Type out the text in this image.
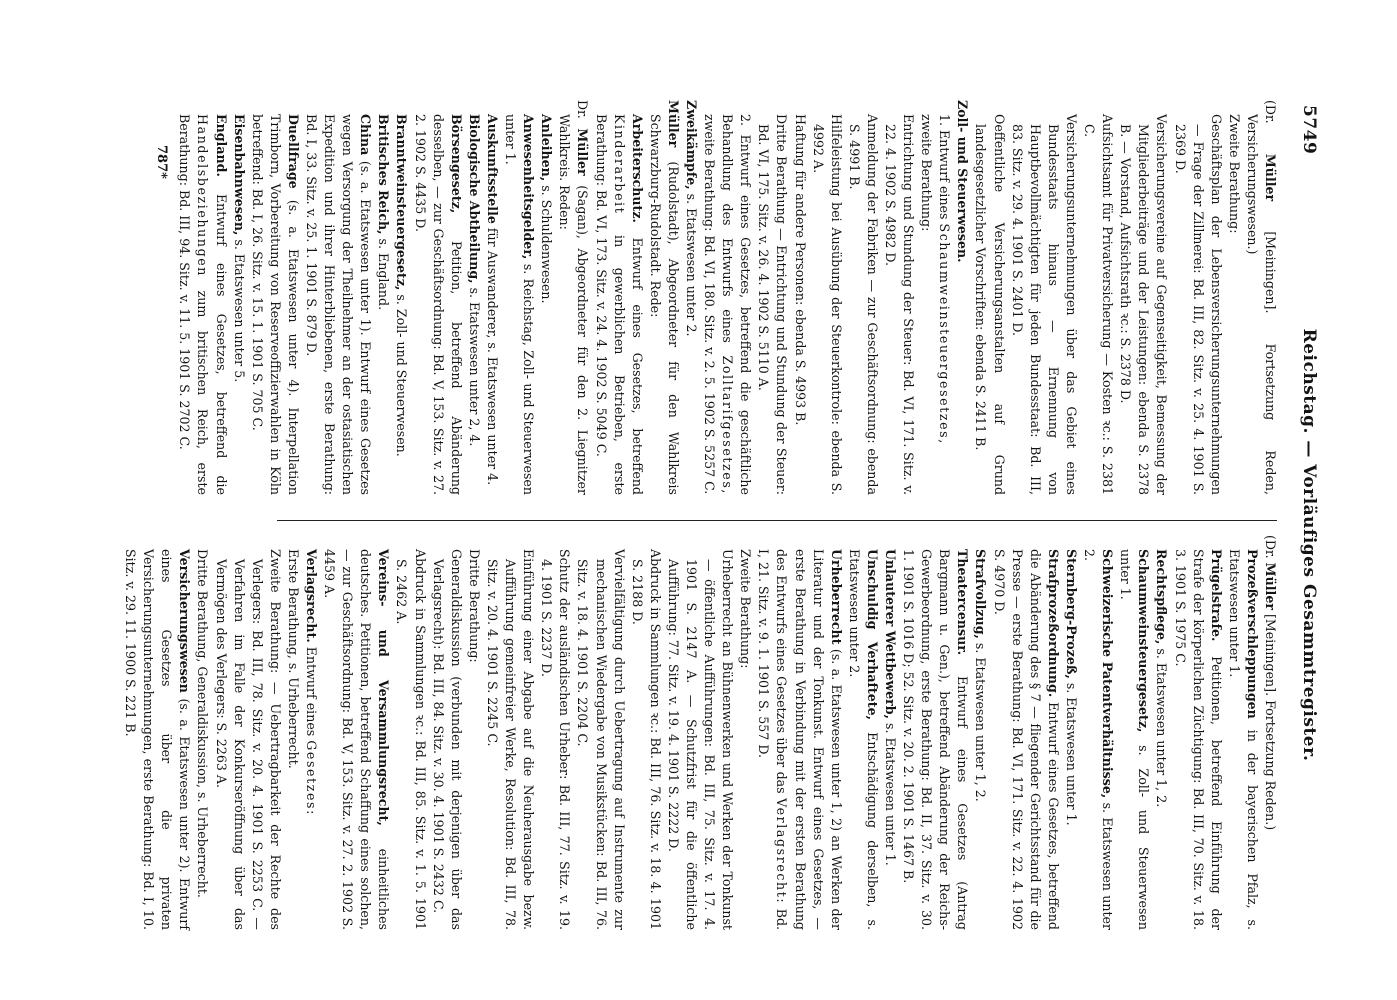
5749
Reichstag. — Vorläufiges Gesammtregister.

(Dr. Müller [Meiningen]. Fortsetzung Reden, Versicherungswesen.)

Zweite Berathung:

Geschäftsplan der Lebensversicherungsunternehmungen — Frage der Zillmerei: Bd. III, 82. Sitz. v. 25. 4. 1901 S. 2369 D.

Versicherungsvereine auf Gegenseitigkeit, Bemessung der Mitgliederbeiträge und der Leistungen: ebenda S. 2378 B. — Vorstand, Aufsichtsrath ꝛc.: S. 2378 D.

Aufsichtsamt für Privatversicherung — Kosten ꝛc.: S. 2381 C.

Versicherungsunternehmungen über das Gebiet eines Bundesstaats hinaus — Ernennung von Hauptbevollmächtigten für jeden Bundesstaat: Bd. III, 83. Sitz. v. 29. 4. 1901 S. 2401 D.

Oeffentliche Versicherungsanstalten auf Grund landesgesetzlicher Vorschriften: ebenda S. 2411 B.

Zoll- und Steuerwesen.

1. Entwurf eines Schaumweinsteuergesetzes,

zweite Berathung:

Entrichtung und Stundung der Steuer: Bd. VI, 171. Sitz. v. 22. 4. 1902 S. 4982 D.

Anmeldung der Fabriken — zur Geschäftsordnung: ebenda S. 4991 B.

Hilfeleistung bei Ausübung der Steuerkontrole: ebenda S. 4992 A.

Haftung für andere Personen: ebenda S. 4993 B.

Dritte Berathung — Entrichtung und Stundung der Steuer: Bd. VI, 175. Sitz. v. 26. 4. 1902 S. 5110 A.

2. Entwurf eines Gesetzes, betreffend die geschäftliche Behandlung des Entwurfs eines Zolltarifgesetzes, zweite Berathung: Bd. VI, 180. Sitz. v. 2. 5. 1902 S. 5257 C.

Zweikämpfe, s. Etatswesen unter 2.

Müller (Rudolstadt), Abgeordneter für den Wahlkreis Schwarzburg-Rudolstadt. Rede:

Arbeiterschutz. Entwurf eines Gesetzes, betreffend Kinderarbeit in gewerblichen Betrieben, erste Berathung: Bd. VI, 173. Sitz. v. 24. 4. 1902 S. 5049 C.

Dr. Müller (Sagan), Abgeordneter für den 2. Liegnitzer Wahlkreis. Reden:

Anleihen, s. Schuldenwesen.

Anwesenheitsgelder, s. Reichstag, Zoll- und Steuerwesen unter 1.

Auskunftsstelle für Auswanderer, s. Etatswesen unter 4.

Biologische Abtheilung, s. Etatswesen unter 2, 4.

Börsengesetz, Petition, betreffend Abänderung desselben, — zur Geschäftsordnung: Bd. V, 153. Sitz. v. 27. 2. 1902 S. 4435 D.

Branntweinsteuergesetz, s. Zoll- und Steuerwesen.

Britisches Reich, s. England.

China (s. a. Etatswesen unter 1). Entwurf eines Gesetzes wegen Versorgung der Theilnehmer an der ostasiatischen Expedition und ihrer Hinterbliebenen, erste Berathung: Bd. I, 33. Sitz. v. 25. 1. 1901 S. 879 D.

Duellfrage (s. a. Etatswesen unter 4). Interpellation Trimborn, Vorbereitung von Reserveoffizierwahlen in Köln betreffend: Bd. I, 26. Sitz. v. 15. 1. 1901 S. 705 C.

Eisenbahnwesen, s. Etatswesen unter 5.

England. Entwurf eines Gesetzes, betreffend die Handelsbeziehungen zum britischen Reich, erste Berathung: Bd. III, 94. Sitz. v. 11. 5. 1901 S. 2702 C.

(Dr. Müller [Meiningen]. Fortsetzung Reden.)

Prozeßverschleppungen in der bayerischen Pfalz, s. Etatswesen unter 1.

Prügelstrafe. Petitionen, betreffend Einführung der Strafe der körperlichen Züchtigung: Bd. III, 70. Sitz. v. 18. 3. 1901 S. 1975 C.

Rechtspflege, s. Etatswesen unter 1, 2.

Schaumweinsteuergesetz, s. Zoll- und Steuerwesen unter 1.

Schweizerische Patentverhältnisse, s. Etatswesen unter 2.

Sternberg-Prozeß, s. Etatswesen unter 1.

Strafprozeßordnung. Entwurf eines Gesetzes, betreffend die Abänderung des § 7 — fliegender Gerichtsstand für die Presse — erste Berathung: Bd. VI, 171. Sitz. v. 22. 4. 1902 S. 4970 D.

Strafvollzug, s. Etatswesen unter 1, 2.

Theatercensur. Entwurf eines Gesetzes (Antrag Bargmann u. Gen.), betreffend Abänderung der Reichs-Gewerbeordnung, erste Berathung: Bd. II, 37. Sitz. v. 30. 1. 1901 S. 1016 D; 52. Sitz. v. 20. 2. 1901 S. 1467 B.

Unlauterer Wettbewerb, s. Etatswesen unter 1.

Unschuldig Verhaftete, Entschädigung derselben, s. Etatswesen unter 2.

Urheberrecht (s. a. Etatswesen unter 1, 2) an Werken der Literatur und der Tonkunst. Entwurf eines Gesetzes, — erste Berathung in Verbindung mit der ersten Berathung des Entwurfs eines Gesetzes über das Verlagsrecht: Bd. I, 21. Sitz. v. 9. 1. 1901 S. 557 D.

Zweite Berathung:

Urheberrecht an Bühnenwerken und Werken der Tonkunst — öffentliche Aufführungen: Bd. III, 75. Sitz. v. 17. 4. 1901 S. 2147 A. — Schutzfrist für die öffentliche Aufführung: 77. Sitz. v. 19. 4. 1901 S. 2222 D.

Abdruck in Sammlungen ꝛc.: Bd. III, 76. Sitz. v. 18. 4. 1901 S. 2188 D.

Vervielfältigung durch Uebertragung auf Instrumente zur mechanischen Wiedergabe von Musikstücken: Bd. III, 76. Sitz. v. 18. 4. 1901 S. 2204 C.

Schutz der ausländischen Urheber: Bd. III, 77. Sitz. v. 19. 4. 1901 S. 2237 D.

Einführung einer Abgabe auf die Neuherausgabe bezw. Aufführung gemeinfreier Werke, Resolution: Bd. III, 78. Sitz. v. 20. 4. 1901 S. 2245 C.

Dritte Berathung:

Generaldiskussion (verbunden mit derjenigen über das Verlagsrecht): Bd. III, 84. Sitz. v. 30. 4. 1901 S. 2432 C.

Abdruck in Sammlungen ꝛc.: Bd. III, 85. Sitz. v. 1. 5. 1901 S. 2462 A.

Vereins- und Versammlungsrecht, einheitliches deutsches. Petitionen, betreffend Schaffung eines solchen, — zur Geschäftsordnung: Bd. V, 153. Sitz. v. 27. 2. 1902 S. 4459 A.

Verlagsrecht. Entwurf eines Gesetzes:

Erste Berathung, s. Urheberrecht.

Zweite Berathung: — Uebertragbarkeit der Rechte des Verlegers: Bd. III, 78. Sitz. v. 20. 4. 1901 S. 2253 C. — Verfahren im Falle der Konkurseröffnung über das Vermögen des Verlegers: S. 2263 A.

Dritte Berathung, Generaldiskussion, s. Urheberrecht.

Versicherungswesen (s. a. Etatswesen unter 2). Entwurf eines Gesetzes über die privaten Versicherungsunternehmungen, erste Berathung: Bd. I, 10. Sitz. v. 29. 11. 1900 S. 221 B.

787*
